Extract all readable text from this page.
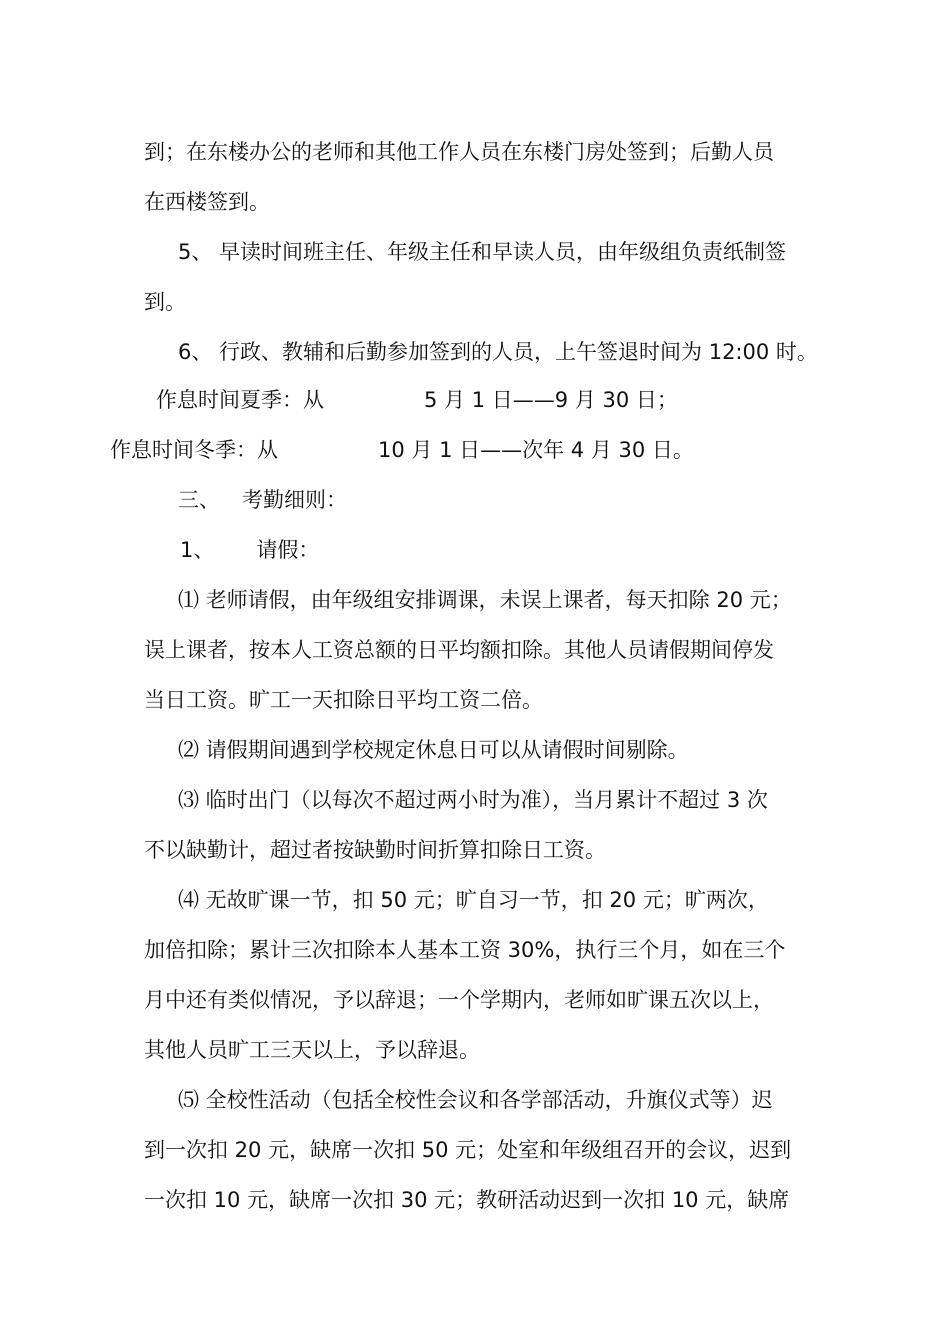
到；在东楼办公的老师和其他工作人员在东楼门房处签到；后勤人员
在西楼签到。
5、 早读时间班主任、年级主任和早读人员，由年级组负责纸制签
到。
6、 行政、教辅和后勤参加签到的人员，上午签退时间为 12:00 时。
作息时间夏季：从	5 月 1 日——9 月 30 日；
作息时间冬季：从	10 月 1 日——次年 4 月 30 日。
三、 考勤细则：
1、 请假：
⑴ 老师请假，由年级组安排调课，未误上课者，每天扣除 20 元；
误上课者，按本人工资总额的日平均额扣除。其他人员请假期间停发
当日工资。旷工一天扣除日平均工资二倍。
⑵ 请假期间遇到学校规定休息日可以从请假时间剔除。
⑶ 临时出门（以每次不超过两小时为准），当月累计不超过 3 次
不以缺勤计，超过者按缺勤时间折算扣除日工资。
⑷ 无故旷课一节，扣 50 元；旷自习一节，扣 20 元；旷两次，
加倍扣除；累计三次扣除本人基本工资 30%，执行三个月，如在三个
月中还有类似情况，予以辞退；一个学期内，老师如旷课五次以上，
其他人员旷工三天以上，予以辞退。
⑸ 全校性活动（包括全校性会议和各学部活动，升旗仪式等）迟
到一次扣 20 元，缺席一次扣 50 元；处室和年级组召开的会议，迟到
一次扣 10 元，缺席一次扣 30 元；教研活动迟到一次扣 10 元，缺席
